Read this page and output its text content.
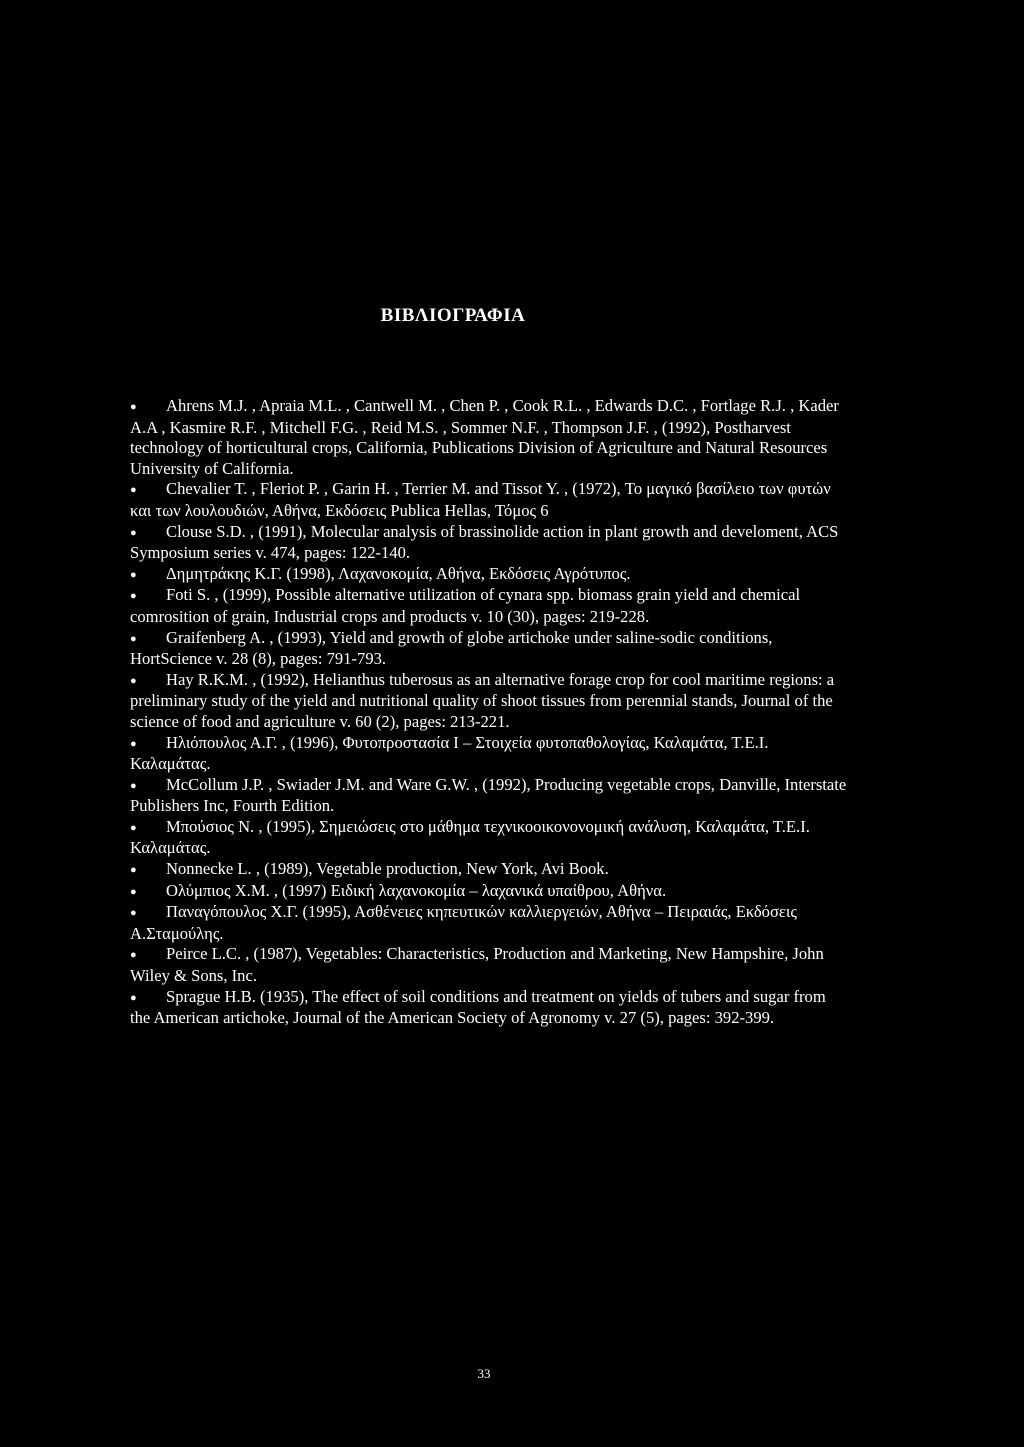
ΒΙΒΛΙΟΓΡΑΦΙΑ
● Ahrens M.J. , Apraia M.L. , Cantwell M. , Chen P. , Cook R.L. , Edwards D.C. , Fortlage R.J. , Kader A.A , Kasmire R.F. , Mitchell F.G. , Reid M.S. , Sommer N.F. , Thompson J.F. , (1992), Postharvest technology of horticultural crops, California, Publications Division of Agriculture and Natural Resources University of California.
● Chevalier T. , Fleriot P. , Garin H. , Terrier M. and Tissot Y. , (1972), Το μαγικό βασίλειο των φυτών και των λουλουδιών, Αθήνα, Εκδόσεις Publica Hellas, Τόμος 6
● Clouse S.D. , (1991), Molecular analysis of brassinolide action in plant growth and develoment, ACS Symposium series v. 474, pages: 122-140.
● Δημητράκης Κ.Γ. (1998), Λαχανοκομία, Αθήνα, Εκδόσεις Αγρότυπος.
● Foti S. , (1999), Possible alternative utilization of cynara spp. biomass grain yield and chemical comrosition of grain, Industrial crops and products v. 10 (30), pages: 219-228.
● Graifenberg A. , (1993), Yield and growth of globe artichoke under saline-sodic conditions, HortScience v. 28 (8), pages: 791-793.
● Hay R.K.M. , (1992), Helianthus tuberosus as an alternative forage crop for cool maritime regions: a preliminary study of the yield and nutritional quality of shoot tissues from perennial stands, Journal of the science of food and agriculture v. 60 (2), pages: 213-221.
● Ηλιόπουλος Α.Γ. , (1996), Φυτοπροστασία Ι – Στοιχεία φυτοπαθολογίας, Καλαμάτα, Τ.Ε.Ι. Καλαμάτας.
● McCollum J.P. , Swiader J.M. and Ware G.W. , (1992), Producing vegetable crops, Danville, Interstate Publishers Inc, Fourth Edition.
● Μπούσιος Ν. , (1995), Σημειώσεις στο μάθημα τεχνικοοικονονομική ανάλυση, Καλαμάτα, Τ.Ε.Ι. Καλαμάτας.
● Nonnecke L. , (1989), Vegetable production, New York, Avi Book.
● Ολύμπιος Χ.Μ. , (1997) Ειδική λαχανοκομία – λαχανικά υπαίθρου, Αθήνα.
● Παναγόπουλος Χ.Γ. (1995), Ασθένειες κηπευτικών καλλιεργειών, Αθήνα – Πειραιάς, Εκδόσεις Α.Σταμούλης.
● Peirce L.C. , (1987), Vegetables: Characteristics, Production and Marketing, New Hampshire, John Wiley & Sons, Inc.
● Sprague H.B. (1935), The effect of soil conditions and treatment on yields of tubers and sugar from the American artichoke, Journal of the American Society of Agronomy v. 27 (5), pages: 392-399.
33
